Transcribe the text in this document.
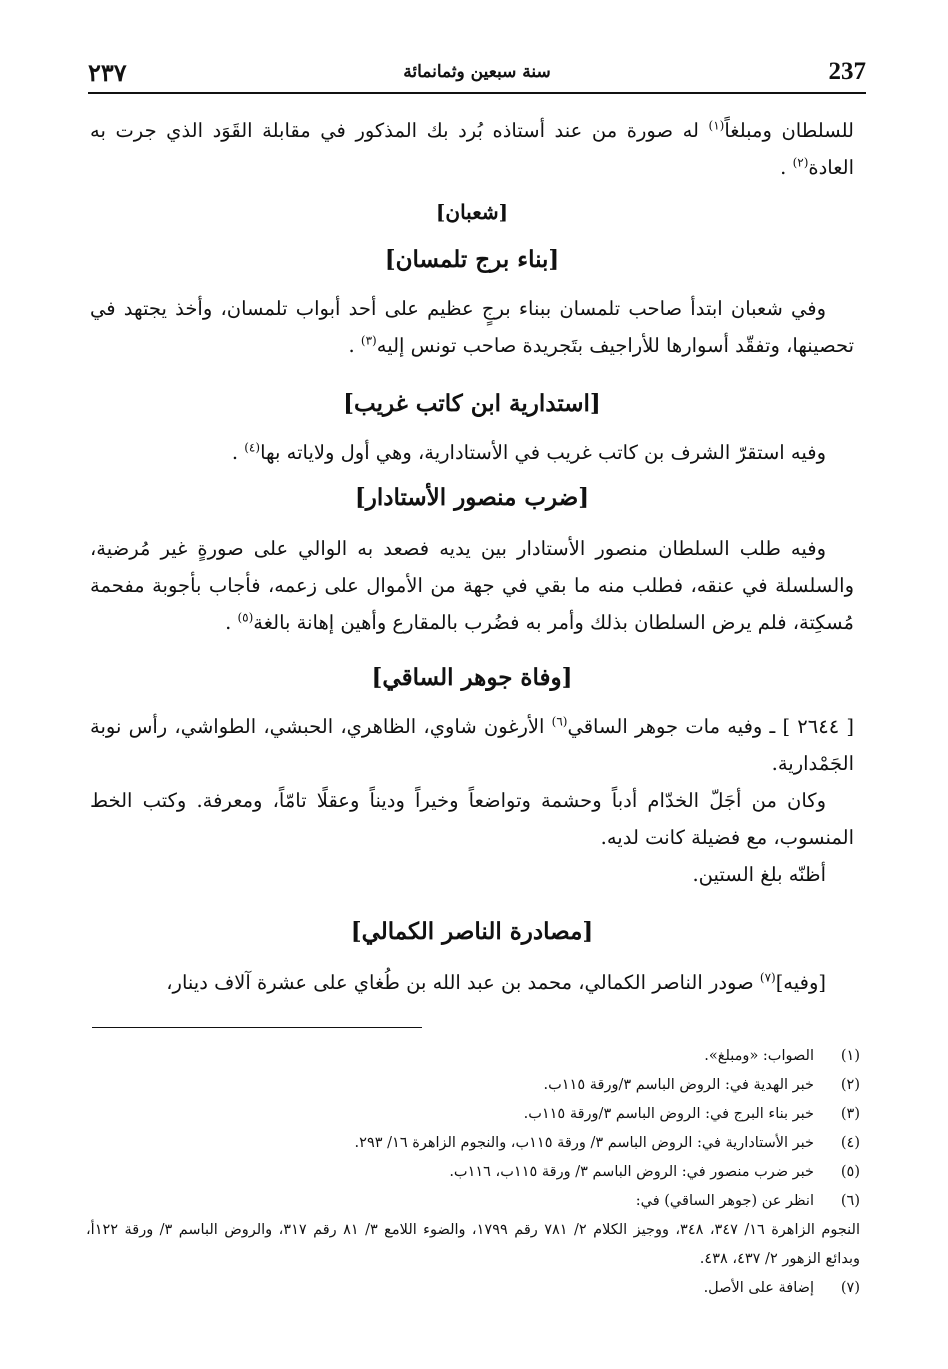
237
سنة سبعين وثمانمائة
٢٣٧

للسلطان ومبلغاً$^{(١)}$ له صورة من عند أستاذه بُرد بك المذكور في مقابلة القَوَد الذي جرت به العادة$^{(٢)}$ .

[شعبان]
[بناء برج تلمسان]

وفي شعبان ابتدأ صاحب تلمسان ببناء برجٍ عظيم على أحد أبواب تلمسان، وأخذ يجتهد في تحصينها، وتفقّد أسوارها للأراجيف بتَجريدة صاحب تونس إليه$^{(٣)}$ .

[استدارية ابن كاتب غريب]

وفيه استقرّ الشرف بن كاتب غريب في الأستادارية، وهي أول ولاياته بها$^{(٤)}$ .

[ضرب منصور الأستادار]

وفيه طلب السلطان منصور الأستادار بين يديه فصعد به الوالي على صورةٍ غير مُرضية، والسلسلة في عنقه، فطلب منه ما بقي في جهة من الأموال على زعمه، فأجاب بأجوبة مفحمة مُسكِتة، فلم يرض السلطان بذلك وأمر به فضُرب بالمقارع وأهين إهانة بالغة$^{(٥)}$ .

[وفاة جوهر الساقي]

[ ٢٦٤٤ ] ـ وفيه مات جوهر الساقي$^{(٦)}$ الأرغون شاوي، الظاهري، الحبشي، الطواشي، رأس نوبة الجَمْدارية.

وكان من أجَلّ الخدّام أدباً وحشمة وتواضعاً وخيراً وديناً وعقلًا تامّاً، ومعرفة. وكتب الخط المنسوب، مع فضيلة كانت لديه.

أظنّه بلغ الستين.

[مصادرة الناصر الكمالي]

[وفيه]$^{(٧)}$ صودر الناصر الكمالي، محمد بن عبد الله بن طُغاي على عشرة آلاف دينار،

(١)
الصواب: «ومبلغ».
(٢)
خبر الهدية في: الروض الباسم ٣/ورقة ١١٥ب.
(٣)
خبر بناء البرج في: الروض الباسم ٣/ورقة ١١٥ب.
(٤)
خبر الأستادارية في: الروض الباسم ٣/ ورقة ١١٥ب، والنجوم الزاهرة ١٦/ ٢٩٣.
(٥)
خبر ضرب منصور في: الروض الباسم ٣/ ورقة ١١٥ب، ١١٦ب.
(٦)
انظر عن (جوهر الساقي) في:
النجوم الزاهرة ١٦/ ٣٤٧، ٣٤٨، ووجيز الكلام ٢/ ٧٨١ رقم ١٧٩٩، والضوء اللامع ٣/ ٨١ رقم ٣١٧، والروض الباسم ٣/ ورقة ١٢٢أ، وبدائع الزهور ٢/ ٤٣٧، ٤٣٨.
(٧)
إضافة على الأصل.
